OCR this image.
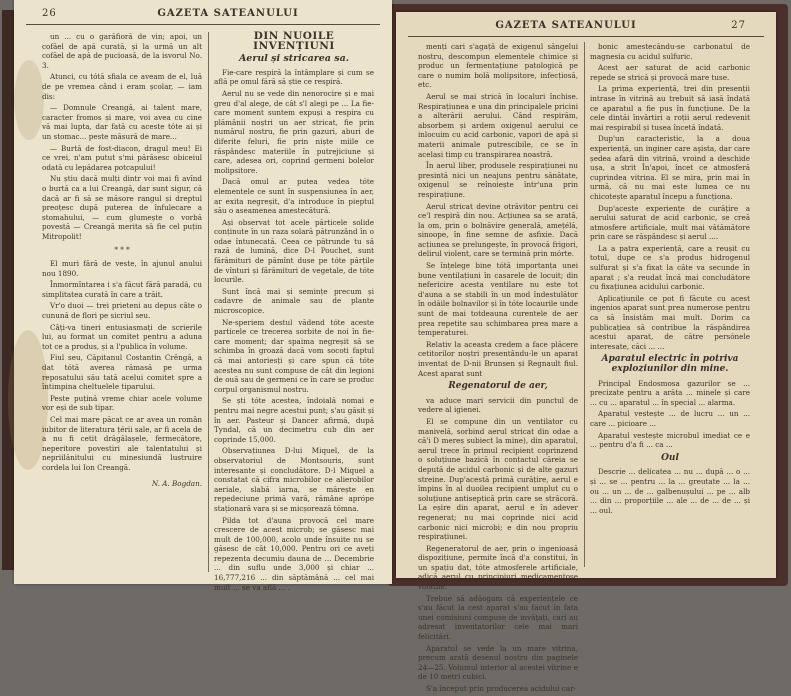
26	GAZETA SATEANULUI

un ... cu o garăfioră de vin; apoi, un cofăel de apă curată, și la urmă un alt cofăel de apă de pucioasă, de la isvorul No. 3.

Atunci, cu tótă sfiala ce aveam de el, luă de pe vremea când i eram școlar, — iam dis:

— Domnule Creangă, ai talent mare, caracter fromos și mare, voi avea cu cine vă mai lupta, dar fată cu aceste tóte ai și un stomac... peste măsură de mare...

— Burtă de fost-diacon, dragul meu! Ei ce vrei, n'am putut s'mi părăsesc obiceiul odată cu lepădarea potcapului!

Nu știu dacă mulți dintr voi mai fi avînd o burtă ca a lui Creangă, dar sunt sigur, că dacă ar fi să se măsore rangul și dreptul preoțesc după puterea de înfulecare a stomahului, — cum glumește o vorbă povestă — Creangă merita să fie cel puțin Mitropolit!

* * *

El muri fără de veste, în ajunul anului nou 1890.

Înmormîntarea i s'a făcut fără paradă, cu simplitatea curată în care a trăit.

Vr'o duoi — trei prieteni au depus câte o cunună de flori pe sicriul seu.

Câți-va tineri entusiasmați de scrierile lui, au format un comitet pentru a aduna tot ce a produs, și a l'publica în volume.

Fiul seu, Căpitanul Costantin Crêngă, a dat tótă averea rămasă pe urma reposatului său tată acelui comitet spre a întimpina cheltuelele tiparului.

Peste puțină vreme chiar acele volume vor eși de sub tipar.

Cel mai mare păcat ce ar avea un român iubitor de literatura țérii sale, ar fi acela de a nu fi cetit drăgălașele, fermecătore, neperitore povestiri ale talentatului și nepriilănitului cu minesiundă lustruire cordela lui Ion Creangă.

N. A. Bogdan.
DIN NUOILE INVENȚIUNI
Aerul și stricarea sa.

Fie-care respiră la întâmplare și cum se află pe omul fără să știe ce respiră.

Aerul nu se vede din nenorocire și e mai greu d'al alege, de cât s'l alegi pe ... La fie-care moment suntem expuși a respira cu plămânii noștri un aer stricat, fie prin numărul nostru, fie prin gazuri, aburi de diferite feluri, fie prin niște miile ce răspândesc materiile în putrejiciune și care, adesea ori, coprind germeni bolelor molipsitore.

Dacă omul ar putea vedea tóte elementele ce sunt în suspensiunea în aer, ar exita negreșit, d'a introduce în pieptul său o aseamenea amestecătură.

Ași observat tot acele părticele solide conținute în un raza solară pătrunzând în o odae întunecată. Ceea ce pătrunde tu să rază de lumină, dice D-l Pouchet, sunt fărămituri de pămînt duse pe tóte părțile de vînturi și fărămituri de vegetale, de tóte locurile.

Sunt încă mai și semințe precum și cadavre de animale sau de plante microscopice.

Ne-speriem destul vădend tóte aceste particele ce trecerea sorbite de noi în fie-care moment; dar spaima negreșit să se schimba în groază dacă vom socoti faptul că mai antoriesți și care spun că tóte acestea nu sunt compuse de cât din legioni de ouă sau de germeni ce în care se produc corpul organismul nostru.

Se ști tóte acestea, îndoială nomai e pentru mai negre acestui punt; s'au găsit și în aer. Pasteur și Dancer afirmă, după Tyndal, că un decimetru cub din aer coprinde 15,000.

Observațiunea D-lui Miquel, de la observatoriul de Montsouris, sunt interesante și concludătore. D-l Miquel a constatat că cifra microbilor ce alierobilor aeriale, slabă iarna, se mărește en repedeciune primă vară, rămâne aprópe staționară vara și se micșorează tómna.

Pilda tot d'auna provocă cel mare crescere de acest microb; se găsesc mai mult de 100,000, acolo unde însuite nu se găsesc de cât 10,000. Pentru ori ce aveți repezenta decumiu dauna de ... Decembrie ... din suflu unde 3,000 și chiar ... 16,777,216 ... din săptămână ... cel mai mult ... se va află ... .

GAZETA SATEANULUI	27

menți cari s'agață de exigenul săngelui nostru, descompun elementele chimice și produc un fermentațiune patologică pe care o numim bolă molipsitore, infecțiosă, etc.

Aerul se mai strică în localuri închise. Respirațiunea e una din principalele pricini a alterării aerului. Când respirăm, absorbem și ardem oxigenul aerului ce inlocuim cu acid carbonic, vapori de apă și materii animale putrescibile, ce se în acelasi timp cu transpirarea noastră.

În aerul liber, produsele respirațiunei nu presintă nici un neajuns pentru sănătate, oxigenul se reînoiește într'una prin respirațiune.

Aerul stricat devine otrăvitor pentru cei ce'l respiră din nou. Acțiunea sa se arată, la om, prin o bolnăvire generală, amețélă, sinoope, în fine semne de asfixie. Dacă acțiunea se prelungește, în provocă frigori, delirul violent, care se termină prin mórte.

Se înțelege bine tótă importanța unei bune ventilațiuni în casarele de locuit; din nefericire acesta ventilare nu este tot d'auna a se stabili în un mod îndestulător în odăile bolnavilor și în tóte locaurile unde sunt de mai totdeauna curentele de aer prea repetite sau schimbarea prea mare a temperaturei.

Relativ la aceasta credem a face plăcere cetitorilor noștri presentându-le un aparat inventat de D-nii Brunsen și Regnault fiul. Acest aparat sunt

Regenatorul de aer,

va aduce mari servicii din punctul de vedere al igienei.

El se compune din un ventilator cu manivelă, sorbind aerul stricat din odae a că'i D mereș subiect la mine), din aparatul, aerul trece în primul recipient coprinzend o soluțiune bazică în contactul căreia se depută de acidul carbonic și de alte gazuri streine. Dup'acestă primă curățire, aerul e împins în al duoilea recipient umplut cu o soluțiune antiseptică prin care se străcoră. La eșire din aparat, aerul e în adever regenerat; nu mai coprinde nici acid carbonic nici microbi; e din nou propriu respirațiunei.

Regeneratorul de aer, prin o ingenioasă dispozițiune, permite încă d'a constitui, în un spațiu dat, tóte atmosferele artificiale, adică aerul cu principiuri medicamentose volatile.

Trebue să adăogam că experiențele ce s'au făcut la cest aparat s'au facut în fata unei comisiuni compuse de invăţați, cari au adresat inventatorilor cele mai mari felicitări.

Aparatul se vede la un mare vitrina, precum aratã desenul nostru din paginele 24—25. Volumul interior al acestei vitrine e de 10 metri cubici.

S'a început prin producerea acidului car-

bonic amestecăndu-se carbonatul de magnesia cu acidul sulfuric.

Acest aer saturat de acid carbonic repede se strică și provocă mare tuse.

La prima experiență, trei din presenții intrase în vitrină au trebuit să iasă îndată ce aparatul a fie pus în funcțiune. De la cele dintăi învârtiri a roții aerul redevenit mai respirabil și tusea încetă îndată.

Dup'un caracteristic, la a doua experiență, un inginer care aşista, dar care ședea afară din vitrină, vroind a deschide ușa, a strit În'apoi, încet ce atmosferă cuprindea vitrina. El se mira, prin mai în urmă, că nu mai este lumea ce nu chicotește aparatul începu a funcționa.

Dup'aceste experiențe de curățire a aerului saturat de acid carbonic, se creă atmosfere artificiale, mult mai vătămătore prin care se răspândesc și aerul ....

La a patra experiență, care a reușit cu totul, dupe ce s'a produs hidrogenul sulfurat și s'a fixat la căte va secunde în aparat ; s'a reudat încă mai concludătore cu fixațiunea acidului carbonic.

Aplicațiunile ce pot fi făcute cu acest ingenios aparat sunt prea numerose pentru ca să însistăm mai mult. Dorim ca publicațiea să contribue la răspândirea acestui aparat, de către persónele interesate, căci ... ...

Aparatul electric în potriva exploziunilor din mine.

Principal Endosmosa gazurilor se ... precizate pentru a arăta ... minele și care ... cu ... aparatul ... în special ... alarma.

Aparatul vestește ... de lucru ... un ... care ... picioare ...

Aparatul vestește microbul imediat ce e ... pentru d'a fi ... ca ...

Oul

Descrie ... delicatea ... nu ... după ... o ... și ... se ... pentru ... la ... greutate ... la ... ou ... un ... de ... galbenușului ... pe ... alb ... din ... proporțiile ... ale ... de ... de ... și ... oul.
